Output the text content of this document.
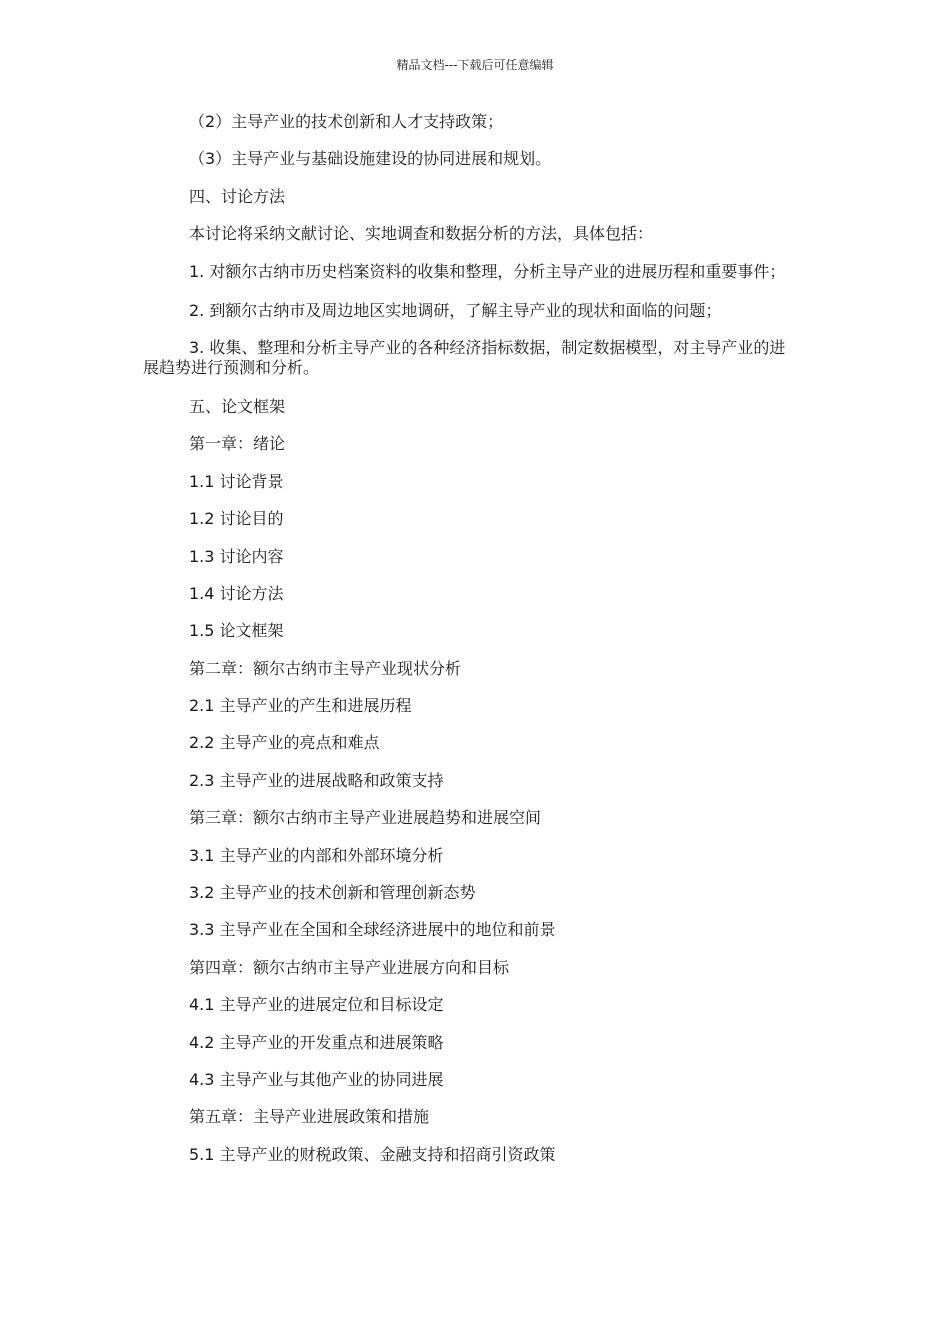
精品文档---下载后可任意编辑

（2）主导产业的技术创新和人才支持政策；

（3）主导产业与基础设施建设的协同进展和规划。

四、讨论方法

本讨论将采纳文献讨论、实地调查和数据分析的方法，具体包括：

1. 对额尔古纳市历史档案资料的收集和整理，分析主导产业的进展历程和重要事件；

2. 到额尔古纳市及周边地区实地调研，了解主导产业的现状和面临的问题；

3. 收集、整理和分析主导产业的各种经济指标数据，制定数据模型，对主导产业的进展趋势进行预测和分析。

五、论文框架

第一章：绪论

1.1 讨论背景

1.2 讨论目的

1.3 讨论内容

1.4 讨论方法

1.5 论文框架

第二章：额尔古纳市主导产业现状分析

2.1 主导产业的产生和进展历程

2.2 主导产业的亮点和难点

2.3 主导产业的进展战略和政策支持

第三章：额尔古纳市主导产业进展趋势和进展空间

3.1 主导产业的内部和外部环境分析

3.2 主导产业的技术创新和管理创新态势

3.3 主导产业在全国和全球经济进展中的地位和前景

第四章：额尔古纳市主导产业进展方向和目标

4.1 主导产业的进展定位和目标设定

4.2 主导产业的开发重点和进展策略

4.3 主导产业与其他产业的协同进展

第五章：主导产业进展政策和措施

5.1 主导产业的财税政策、金融支持和招商引资政策
